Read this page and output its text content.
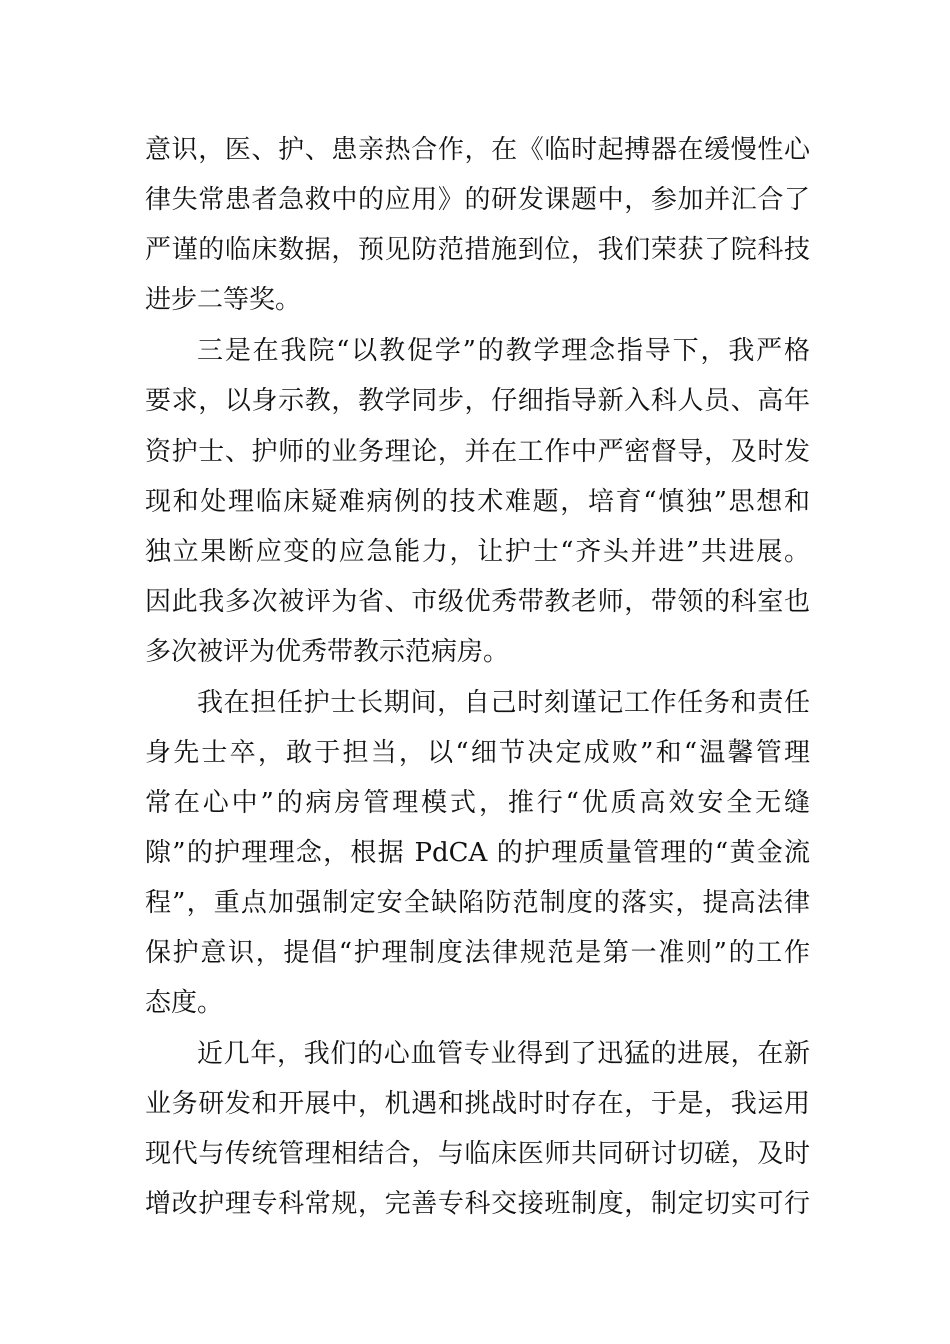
意识，医、护、患亲热合作，在《临时起搏器在缓慢性心
律失常患者急救中的应用》的研发课题中，参加并汇合了
严谨的临床数据，预见防范措施到位，我们荣获了院科技
进步二等奖。
三是在我院“以教促学”的教学理念指导下，我严格
要求，以身示教，教学同步，仔细指导新入科人员、高年
资护士、护师的业务理论，并在工作中严密督导，及时发
现和处理临床疑难病例的技术难题，培育“慎独”思想和
独立果断应变的应急能力，让护士“齐头并进”共进展。
因此我多次被评为省、市级优秀带教老师，带领的科室也
多次被评为优秀带教示范病房。
我在担任护士长期间，自己时刻谨记工作任务和责任
身先士卒，敢于担当，以“细节决定成败”和“温馨管理
常在心中”的病房管理模式，推行“优质高效安全无缝
隙”的护理理念，根据 PdCA 的护理质量管理的“黄金流
程”，重点加强制定安全缺陷防范制度的落实，提高法律
保护意识，提倡“护理制度法律规范是第一准则”的工作
态度。
近几年，我们的心血管专业得到了迅猛的进展，在新
业务研发和开展中，机遇和挑战时时存在，于是，我运用
现代与传统管理相结合，与临床医师共同研讨切磋，及时
增改护理专科常规，完善专科交接班制度，制定切实可行
